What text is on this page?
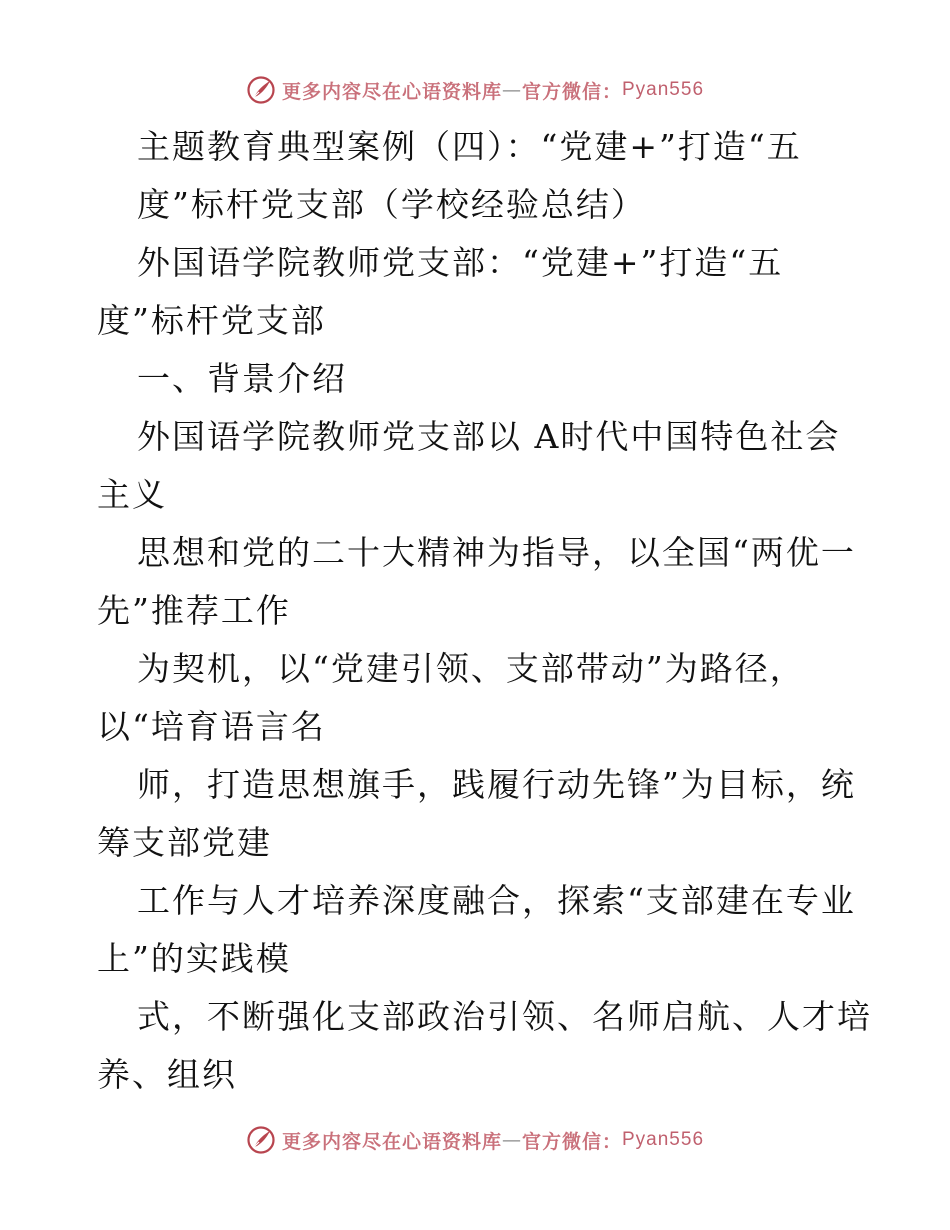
更多内容尽在心语资料库 — 官方微信： Pyan556
主题教育典型案例（四）：“党建+”打造“五
度”标杆党支部（学校经验总结）
外国语学院教师党支部：“党建+”打造“五
度”标杆党支部
一、背景介绍
外国语学院教师党支部以 A时代中国特色社会
主义
思想和党的二十大精神为指导，以全国“两优一
先”推荐工作
为契机，以“党建引领、支部带动”为路径，
以“培育语言名
师，打造思想旗手，践履行动先锋”为目标，统
筹支部党建
工作与人才培养深度融合，探索“支部建在专业
上”的实践模
式，不断强化支部政治引领、名师启航、人才培
养、组织
更多内容尽在心语资料库 — 官方微信： Pyan556
